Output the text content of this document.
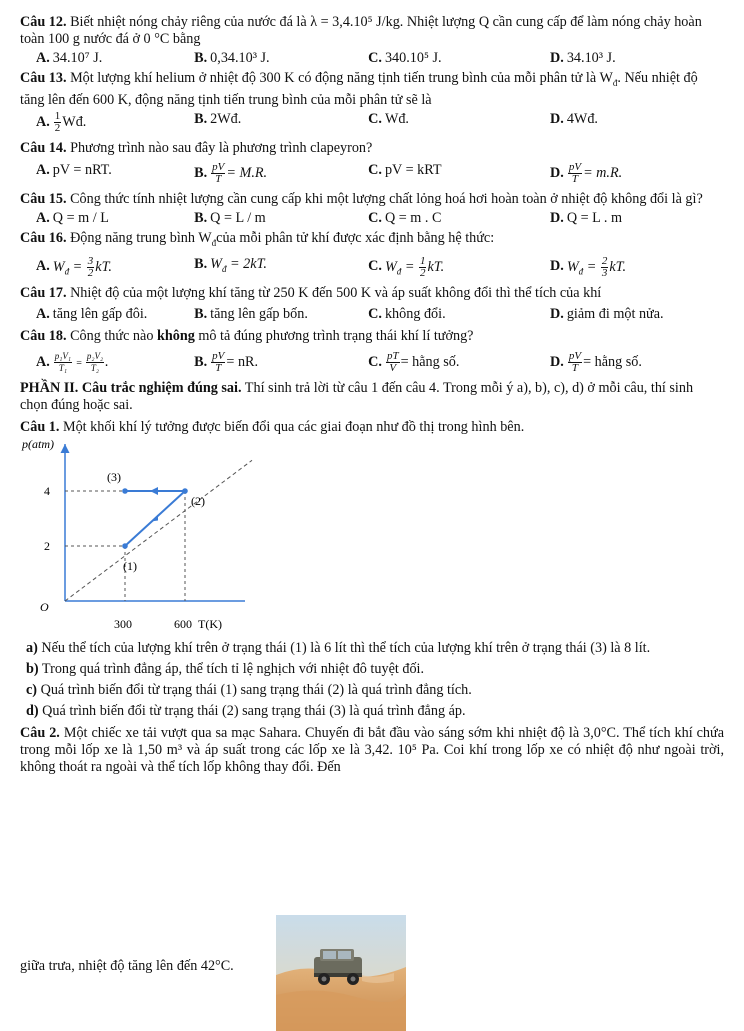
Câu 12. Biết nhiệt nóng chảy riêng của nước đá là λ = 3,4.10⁵ J/kg. Nhiệt lượng Q cần cung cấp để làm nóng chảy hoàn toàn 100 g nước đá ở 0 °C bằng
A. 34.10⁷ J.	B. 0,34.10³ J.	C. 340.10⁵ J.	D. 34.10³ J.
Câu 13. Một lượng khí helium ở nhiệt độ 300 K có động năng tịnh tiến trung bình của mỗi phân tử là $W_đ$. Nếu nhiệt độ tăng lên đến 600 K, động năng tịnh tiến trung bình của mỗi phân tử sẽ là
A. $\frac{1}{2}$ Wđ.	B. 2Wđ.	C. Wđ.	D. 4Wđ.
Câu 14. Phương trình nào sau đây là phương trình clapeyron?
A. pV = nRT.	B. $\frac{pV}{T} = M.R$.	C. pV = kRT	D. $\frac{pV}{T} = m.R$.
Câu 15. Công thức tính nhiệt lượng cần cung cấp khi một lượng chất lỏng hoá hơi hoàn toàn ở nhiệt độ không đổi là gì?
A. Q = m / L	B. Q = L / m	C. Q = m . C	D. Q = L . m
Câu 16. Động năng trung bình $W_đcủa$ mỗi phân tử khí được xác định bằng hệ thức:
A. $W_đ = \frac{3}{2}$ kT.	B. $W_đ = 2kT$.	C. $W_đ = \frac{1}{2}$ kT.	D. $W_đ = \frac{2}{3}$ kT.
Câu 17. Nhiệt độ của một lượng khí tăng từ 250 K đến 500 K và áp suất không đổi thì thể tích của khí
A. tăng lên gấp đôi.	B. tăng lên gấp bốn.	C. không đổi.	D. giảm đi một nửa.
Câu 18. Công thức nào không mô tả đúng phương trình trạng thái khí lí tưởng?
A. $\frac{\text{p₁V₁}}{\text{T₁}} = \frac{\text{p₂V₂}}{\text{T₂}}$ .	B. $\frac{pV}{T}$ = nR.	C. $\frac{pT}{V}$ = hằng số.	D. $\frac{pV}{T}$ = hằng số.
PHẦN II. Câu trắc nghiệm đúng sai. Thí sinh trả lời từ câu 1 đến câu 4. Trong mỗi ý a), b), c), d) ở mỗi câu, thí sinh chọn đúng hoặc sai.
Câu 1. Một khối khí lý tưởng được biến đổi qua các giai đoạn như đồ thị trong hình bên.
p(atm)
T(K)
O
2
4
300	600
(1)
(2)
(3)
a) Nếu thể tích của lượng khí trên ở trạng thái (1) là 6 lít thì thể tích của lượng khí trên ở trạng thái (3) là 8 lít.
b) Trong quá trình đẳng áp, thể tích tỉ lệ nghịch với nhiệt đô tuyệt đối.
c) Quá trình biến đổi từ trạng thái (1) sang trạng thái (2) là quá trình đẳng tích.
d) Quá trình biến đổi từ trạng thái (2) sang trạng thái (3) là quá trình đẳng áp.
Câu 2. Một chiếc xe tải vượt qua sa mạc Sahara. Chuyến đi bắt đầu vào sáng sớm khi nhiệt độ là 3,0°C. Thể tích khí chứa trong mỗi lốp xe là 1,50 m³ và áp suất trong các lốp xe là 3,42. 10⁵ Pa. Coi khí trong lốp xe có nhiệt độ như ngoài trời, không thoát ra ngoài và thể tích lốp không thay đổi. Đến
giữa trưa, nhiệt độ tăng lên đến 42°C.
